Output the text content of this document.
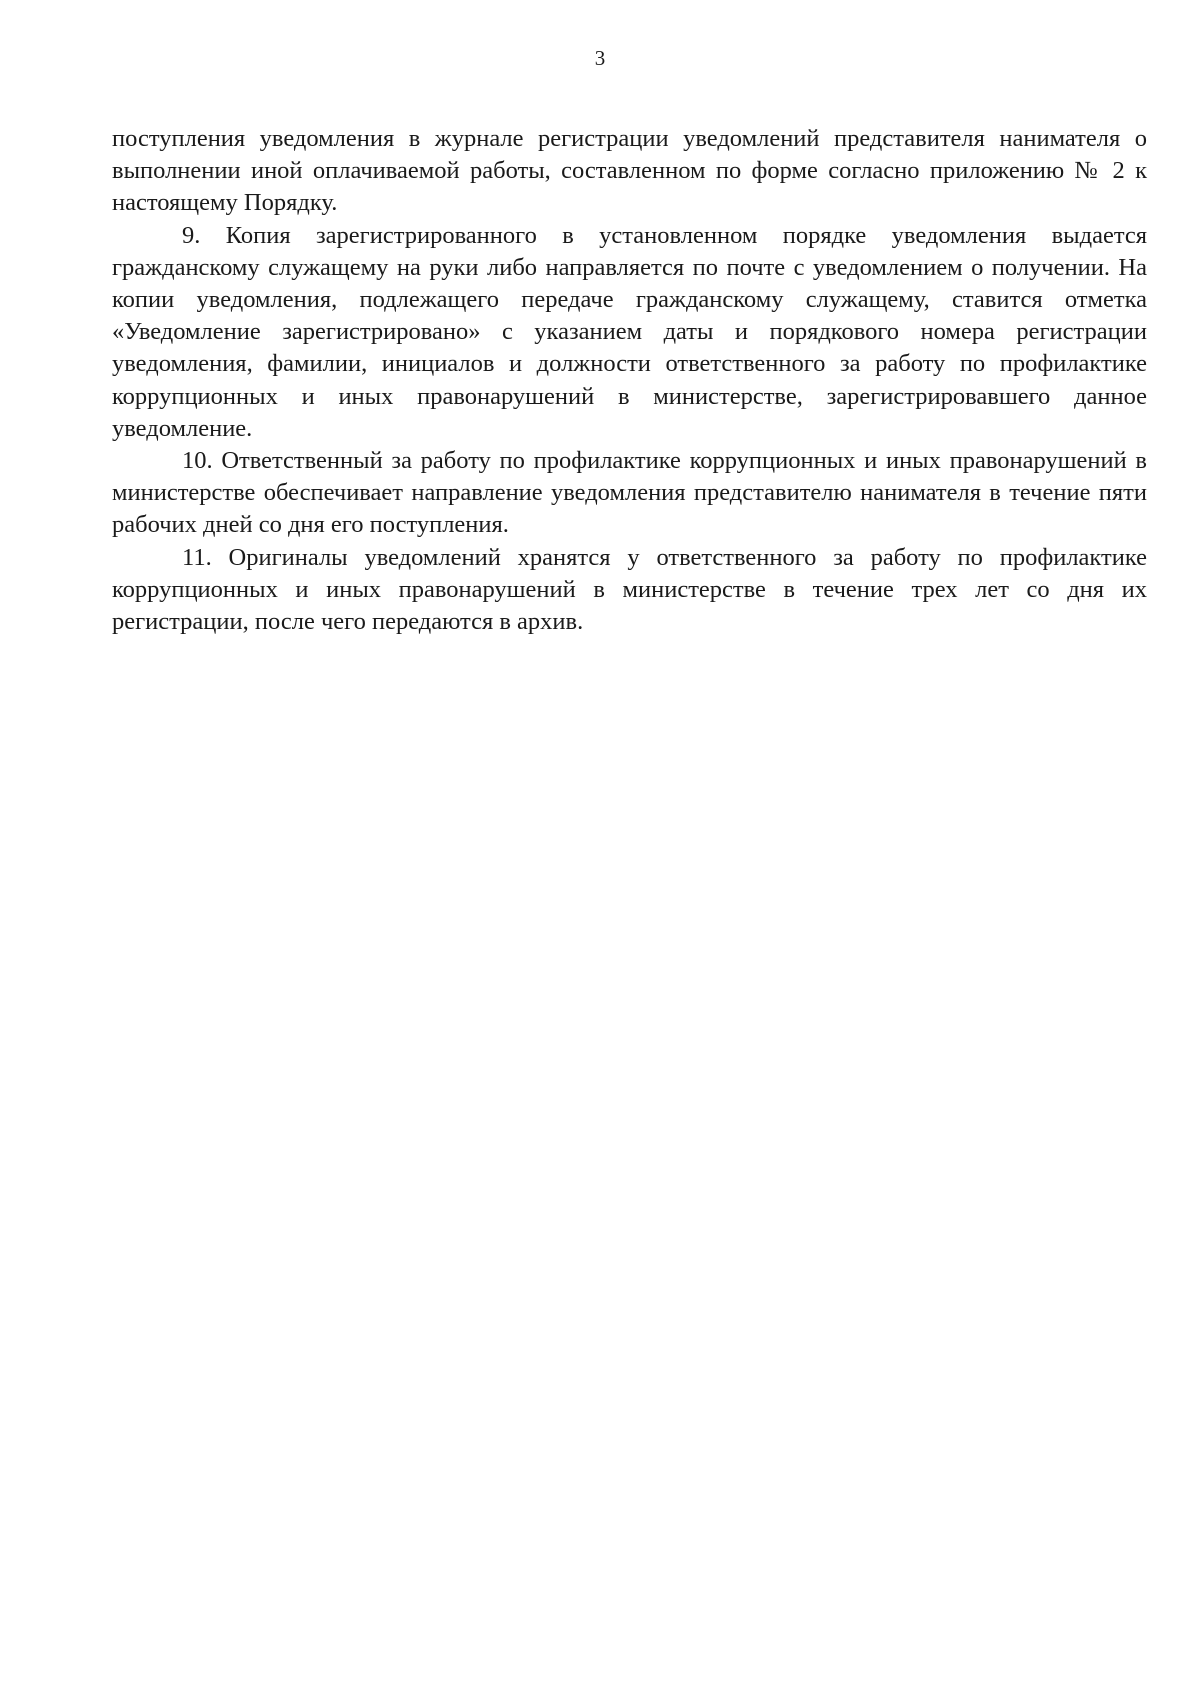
3

поступления уведомления в журнале регистрации уведомлений представителя нанимателя о выполнении иной оплачиваемой работы, составленном по форме согласно приложению № 2 к настоящему Порядку.

9. Копия зарегистрированного в установленном порядке уведомления выдается гражданскому служащему на руки либо направляется по почте с уведомлением о получении. На копии уведомления, подлежащего передаче гражданскому служащему, ставится отметка «Уведомление зарегистрировано» с указанием даты и порядкового номера регистрации уведомления, фамилии, инициалов и должности ответственного за работу по профилактике коррупционных и иных правонарушений в министерстве, зарегистрировавшего данное уведомление.

10. Ответственный за работу по профилактике коррупционных и иных правонарушений в министерстве обеспечивает направление уведомления представителю нанимателя в течение пяти рабочих дней со дня его поступления.

11. Оригиналы уведомлений хранятся у ответственного за работу по профилактике коррупционных и иных правонарушений в министерстве в течение трех лет со дня их регистрации, после чего передаются в архив.
